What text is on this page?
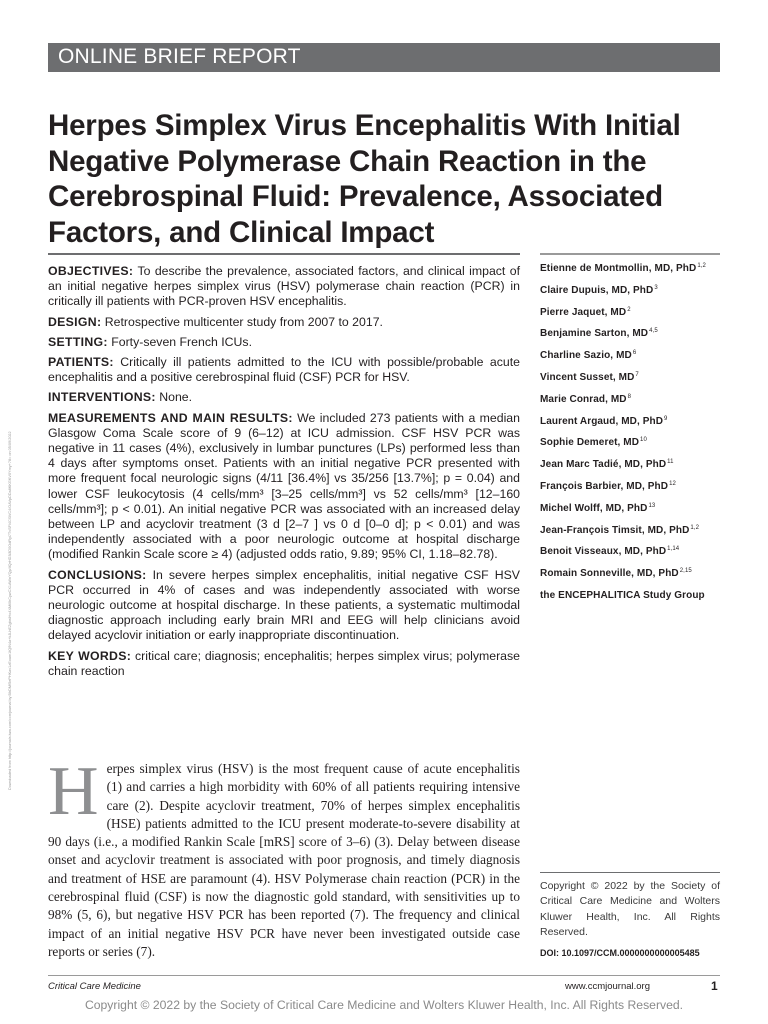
ONLINE BRIEF REPORT
Herpes Simplex Virus Encephalitis With Initial Negative Polymerase Chain Reaction in the Cerebrospinal Fluid: Prevalence, Associated Factors, and Clinical Impact
Downloaded from http://journals.lww.com/ccmjournal by BhDMf5ePHKav1zEoum1tQfN4a+kJLhEZgbsIHo4XMi0hCywCX1AWnYQp/IlQrHD3i3D0OdRyi7TvSFl4Cf3VC4/OAVpDDa8KKGKV0Ymy+78= on 05/09/2022

OBJECTIVES: To describe the prevalence, associated factors, and clinical impact of an initial negative herpes simplex virus (HSV) polymerase chain reaction (PCR) in critically ill patients with PCR-proven HSV encephalitis.

DESIGN: Retrospective multicenter study from 2007 to 2017.

SETTING: Forty-seven French ICUs.

PATIENTS: Critically ill patients admitted to the ICU with possible/probable acute encephalitis and a positive cerebrospinal fluid (CSF) PCR for HSV.

INTERVENTIONS: None.

MEASUREMENTS AND MAIN RESULTS: We included 273 patients with a median Glasgow Coma Scale score of 9 (6–12) at ICU admission. CSF HSV PCR was negative in 11 cases (4%), exclusively in lumbar punctures (LPs) performed less than 4 days after symptoms onset. Patients with an initial negative PCR presented with more frequent focal neurologic signs (4/11 [36.4%] vs 35/256 [13.7%]; p = 0.04) and lower CSF leukocytosis (4 cells/mm³ [3–25 cells/mm³] vs 52 cells/mm³ [12–160 cells/mm³]; p < 0.01). An initial negative PCR was associated with an increased delay between LP and acyclovir treatment (3 d [2–7 ] vs 0 d [0–0 d]; p < 0.01) and was independently associated with a poor neurologic outcome at hospital discharge (modified Rankin Scale score ≥ 4) (adjusted odds ratio, 9.89; 95% CI, 1.18–82.78).

CONCLUSIONS: In severe herpes simplex encephalitis, initial negative CSF HSV PCR occurred in 4% of cases and was independently associated with worse neurologic outcome at hospital discharge. In these patients, a systematic multimodal diagnostic approach including early brain MRI and EEG will help clinicians avoid delayed acyclovir initiation or early inappropriate discontinuation.

KEY WORDS: critical care; diagnosis; encephalitis; herpes simplex virus; polymerase chain reaction

Etienne de Montmollin, MD, PhD$^{1,2}$
Claire Dupuis, MD, PhD$^3$
Pierre Jaquet, $MD^2$
Benjamine Sarton, MD$^{4,5}$
Charline Sazio, $MD^6$
Vincent Susset, $MD^7$
Marie Conrad, $MD^8$
Laurent Argaud, MD, PhD$^9$
Sophie Demeret, MD$^{10}$
Jean Marc Tadié, MD, PhD$^{11}$
François Barbier, MD, PhD$^{12}$
Michel Wolff, MD, PhD$^{13}$
Jean-François Timsit, MD, PhD$^{1,2}$
Benoit Visseaux, MD, PhD$^{1,14}$
Romain Sonneville, MD, PhD$^{2,15}$
the ENCEPHALITICA Study Group
Herpes simplex virus (HSV) is the most frequent cause of acute encephalitis (1) and carries a high morbidity with 60% of all patients requiring intensive care (2). Despite acyclovir treatment, 70% of herpes simplex encephalitis (HSE) patients admitted to the ICU present moderate-to-severe disability at 90 days (i.e., a modified Rankin Scale [mRS] score of 3–6) (3). Delay between disease onset and acyclovir treatment is associated with poor prognosis, and timely diagnosis and treatment of HSE are paramount (4). HSV Polymerase chain reaction (PCR) in the cerebrospinal fluid (CSF) is now the diagnostic gold standard, with sensitivities up to 98% (5, 6), but negative HSV PCR has been reported (7). The frequency and clinical impact of an initial negative HSV PCR have never been investigated outside case reports or series (7).

Copyright © 2022 by the Society of Critical Care Medicine and Wolters Kluwer Health, Inc. All Rights Reserved.

DOI: 10.1097/CCM.0000000000005485
Critical Care Medicine	www.ccmjournal.org	1
Copyright © 2022 by the Society of Critical Care Medicine and Wolters Kluwer Health, Inc. All Rights Reserved.
